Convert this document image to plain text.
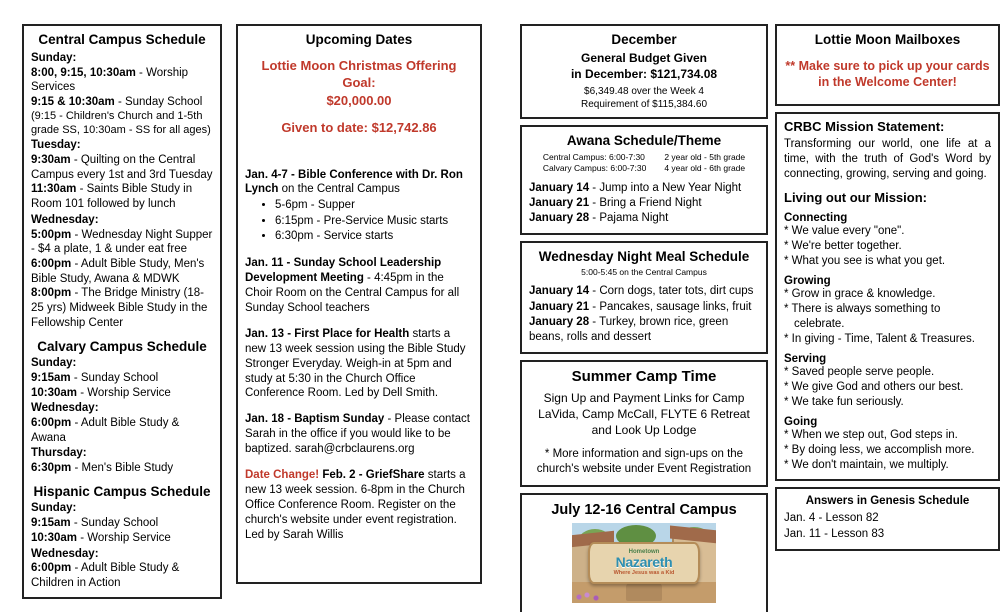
Central Campus Schedule
Sunday:
8:00, 9:15, 10:30am - Worship Services
9:15 & 10:30am - Sunday School
(9:15 - Children's Church and 1-5th grade SS, 10:30am - SS for all ages)
Tuesday:
9:30am - Quilting on the Central Campus every 1st and 3rd Tuesday
11:30am - Saints Bible Study in Room 101 followed by lunch
Wednesday:
5:00pm - Wednesday Night Supper - $4 a plate, 1 & under eat free
6:00pm - Adult Bible Study, Men's Bible Study, Awana & MDWK
8:00pm - The Bridge Ministry (18-25 yrs) Midweek Bible Study in the Fellowship Center
Calvary Campus Schedule
Sunday:
9:15am - Sunday School
10:30am - Worship Service
Wednesday:
6:00pm - Adult Bible Study & Awana
Thursday:
6:30pm - Men's Bible Study
Hispanic Campus Schedule
Sunday:
9:15am - Sunday School
10:30am - Worship Service
Wednesday:
6:00pm - Adult Bible Study & Children in Action
Upcoming Dates
Lottie Moon Christmas Offering
Goal:
$20,000.00
Given to date: $12,742.86
Jan. 4-7 - Bible Conference with Dr. Ron Lynch on the Central Campus
• 5-6pm - Supper
• 6:15pm - Pre-Service Music starts
• 6:30pm - Service starts
Jan. 11 - Sunday School Leadership Development Meeting - 4:45pm in the Choir Room on the Central Campus for all Sunday School teachers
Jan. 13 - First Place for Health starts a new 13 week session using the Bible Study Stronger Everyday. Weigh-in at 5pm and study at 5:30 in the Church Office Conference Room. Led by Dell Smith.
Jan. 18 - Baptism Sunday - Please contact Sarah in the office if you would like to be baptized. sarah@crbclaurens.org
Date Change! Feb. 2 - GriefShare starts a new 13 week session. 6-8pm in the Church Office Conference Room. Register on the church's website under event registration. Led by Sarah Willis
December
General Budget Given
in December: $121,734.08
$6,349.48 over the Week 4
Requirement of $115,384.60
Awana Schedule/Theme
Central Campus: 6:00-7:30
Calvary Campus: 6:00-7:30
2 year old - 5th grade
4 year old - 6th grade
January 14 - Jump into a New Year Night
January 21 - Bring a Friend Night
January 28 - Pajama Night
Wednesday Night Meal Schedule
5:00-5:45 on the Central Campus
January 14 - Corn dogs, tater tots, dirt cups
January 21 - Pancakes, sausage links, fruit
January 28 - Turkey, brown rice, green beans, rolls and dessert
Summer Camp Time
Sign Up and Payment Links for Camp LaVida, Camp McCall, FLYTE 6 Retreat and Look Up Lodge
* More information and sign-ups on the church's website under Event Registration
July 12-16 Central Campus
Hometown
Nazareth
Where Jesus was a Kid
Lottie Moon Mailboxes
** Make sure to pick up your cards in the Welcome Center!
CRBC Mission Statement:
Transforming our world, one life at a time, with the truth of God's Word by connecting, growing, serving and going.
Living out our Mission:
Connecting
* We value every "one".
* We're better together.
* What you see is what you get.
Growing
* Grow in grace & knowledge.
* There is always something to celebrate.
* In giving - Time, Talent & Treasures.
Serving
* Saved people serve people.
* We give God and others our best.
* We take fun seriously.
Going
* When we step out, God steps in.
* By doing less, we accomplish more.
* We don't maintain, we multiply.
Answers in Genesis Schedule
Jan. 4 - Lesson 82
Jan. 11 - Lesson 83
